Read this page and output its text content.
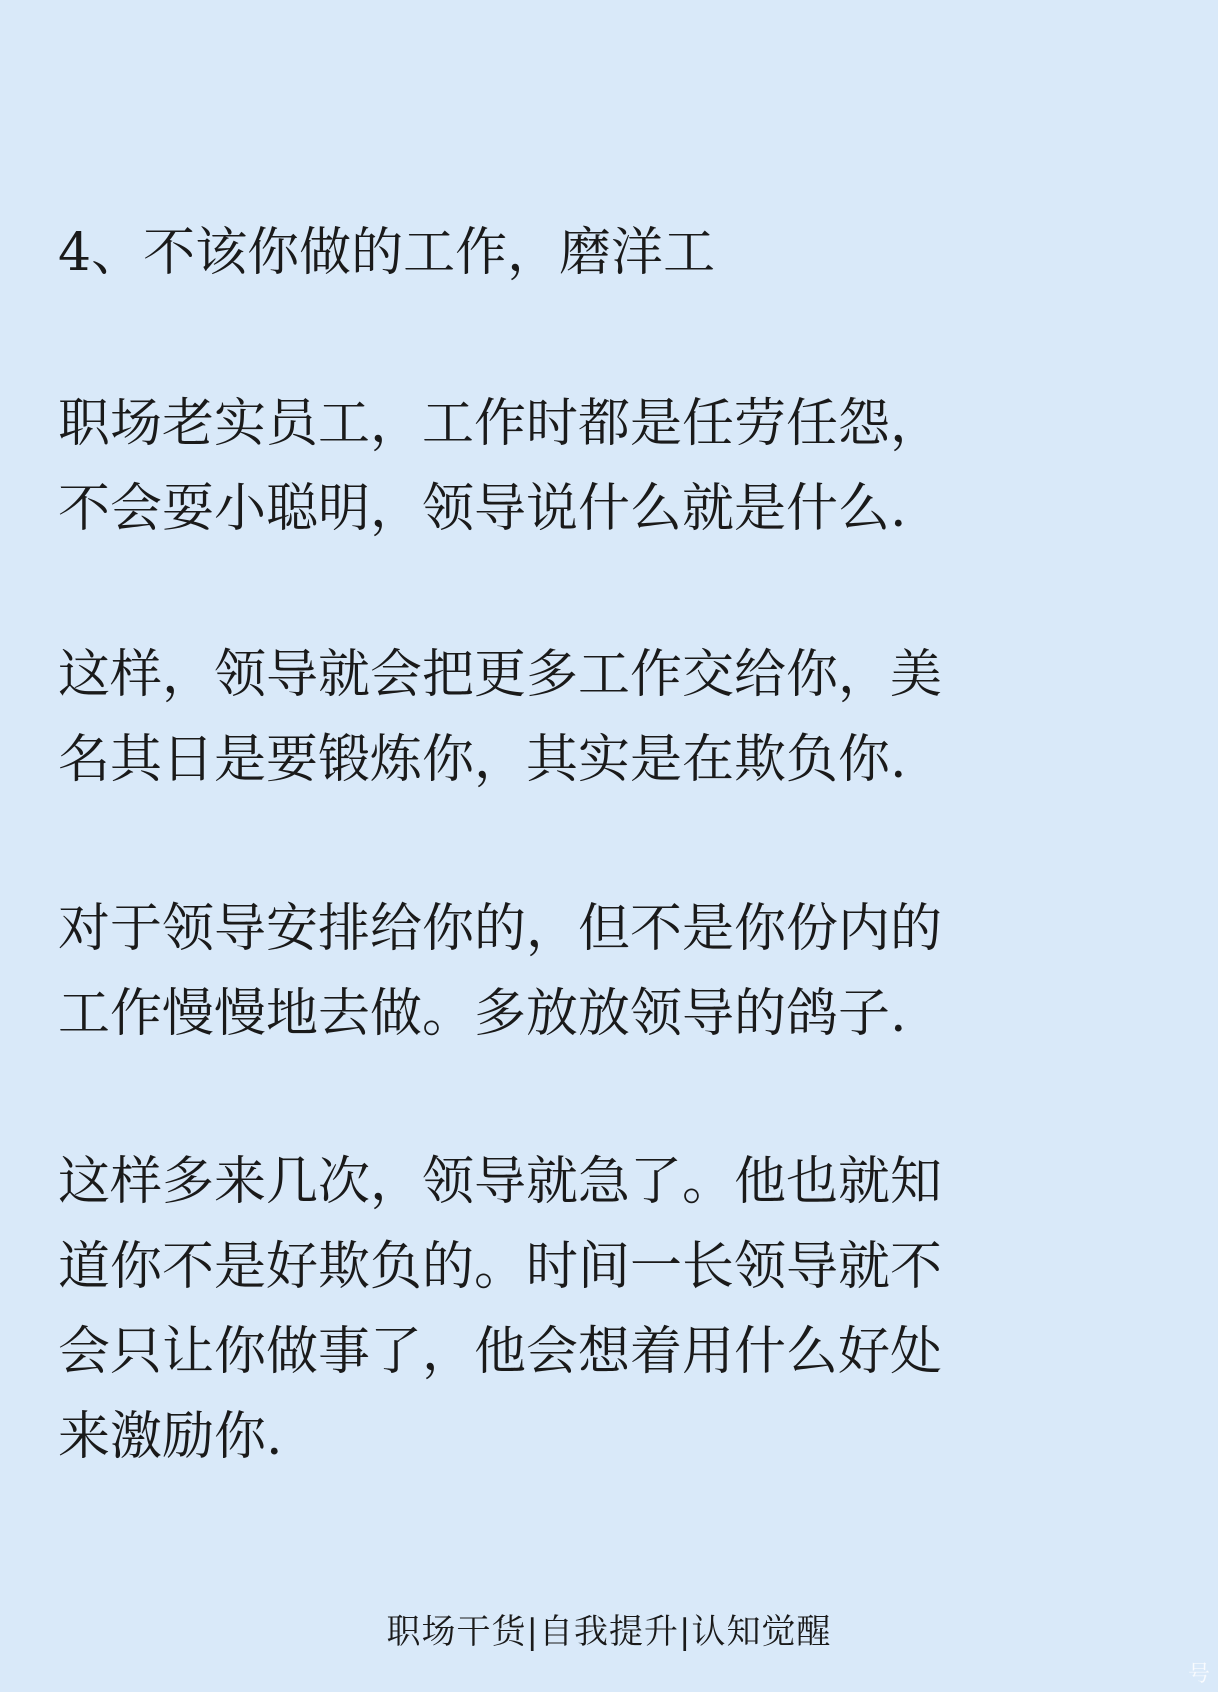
4、不该你做的工作，磨洋工
职场老实员工，工作时都是任劳任怨，
不会耍小聪明，领导说什么就是什么.
这样，领导就会把更多工作交给你，美
名其日是要锻炼你，其实是在欺负你.
对于领导安排给你的，但不是你份内的
工作慢慢地去做。多放放领导的鸽子.
这样多来几次，领导就急了。他也就知
道你不是好欺负的。时间一长领导就不
会只让你做事了，他会想着用什么好处
来激励你.
职场干货|自我提升|认知觉醒
号
